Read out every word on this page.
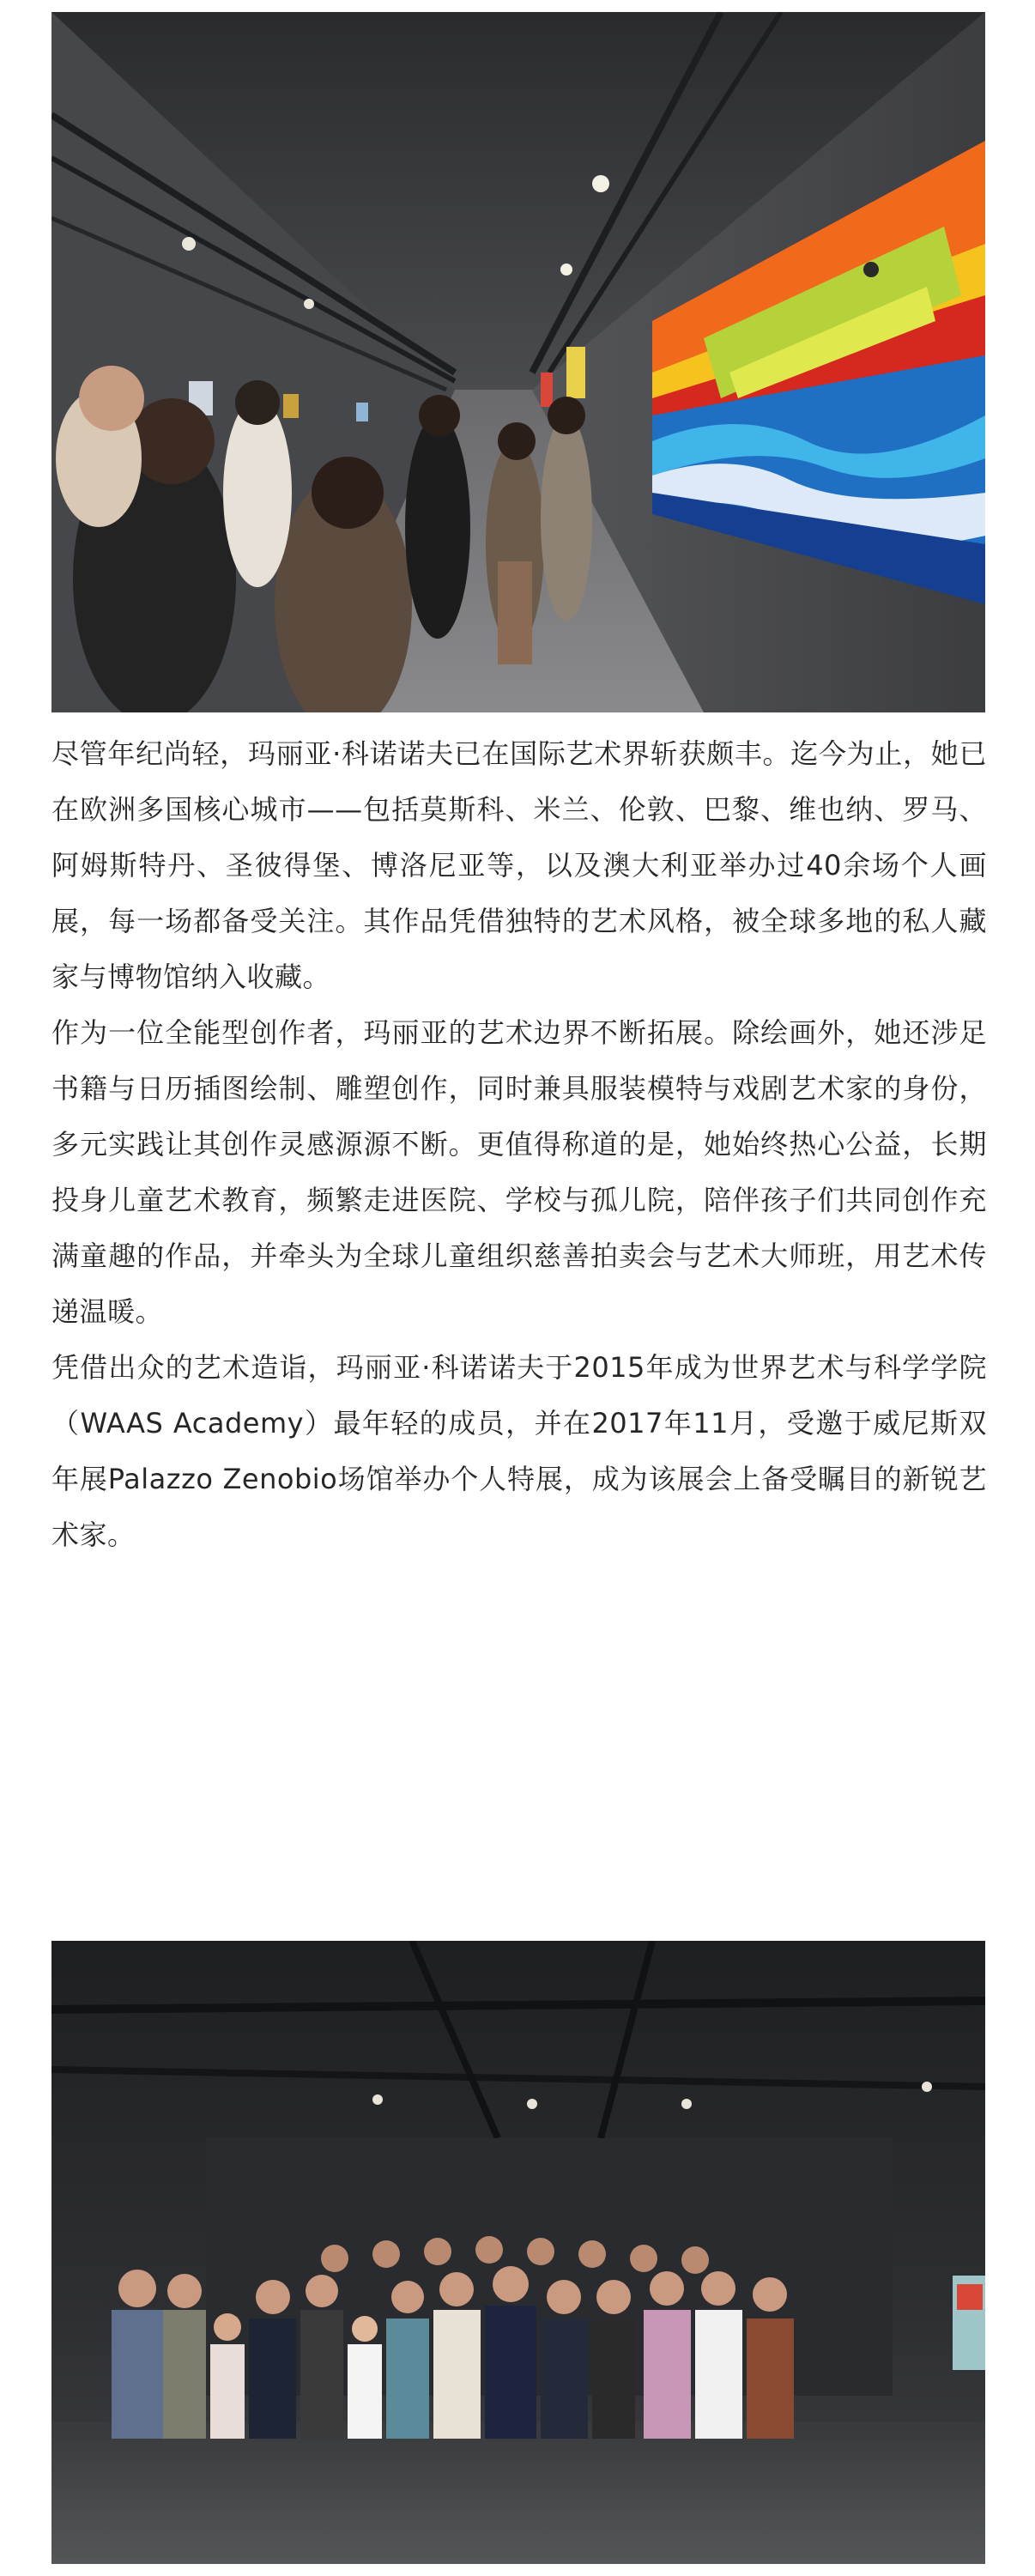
尽管年纪尚轻，玛丽亚·科诺诺夫已在国际艺术界斩获颇丰。迄今为止，她已在欧洲多国核心城市——包括莫斯科、米兰、伦敦、巴黎、维也纳、罗马、阿姆斯特丹、圣彼得堡、博洛尼亚等，以及澳大利亚举办过40余场个人画展，每一场都备受关注。其作品凭借独特的艺术风格，被全球多地的私人藏家与博物馆纳入收藏。

作为一位全能型创作者，玛丽亚的艺术边界不断拓展。除绘画外，她还涉足书籍与日历插图绘制、雕塑创作，同时兼具服装模特与戏剧艺术家的身份，多元实践让其创作灵感源源不断。更值得称道的是，她始终热心公益，长期投身儿童艺术教育，频繁走进医院、学校与孤儿院，陪伴孩子们共同创作充满童趣的作品，并牵头为全球儿童组织慈善拍卖会与艺术大师班，用艺术传递温暖。

凭借出众的艺术造诣，玛丽亚·科诺诺夫于2015年成为世界艺术与科学学院（WAAS Academy）最年轻的成员，并在2017年11月，受邀于威尼斯双年展Palazzo Zenobio场馆举办个人特展，成为该展会上备受瞩目的新锐艺术家。
